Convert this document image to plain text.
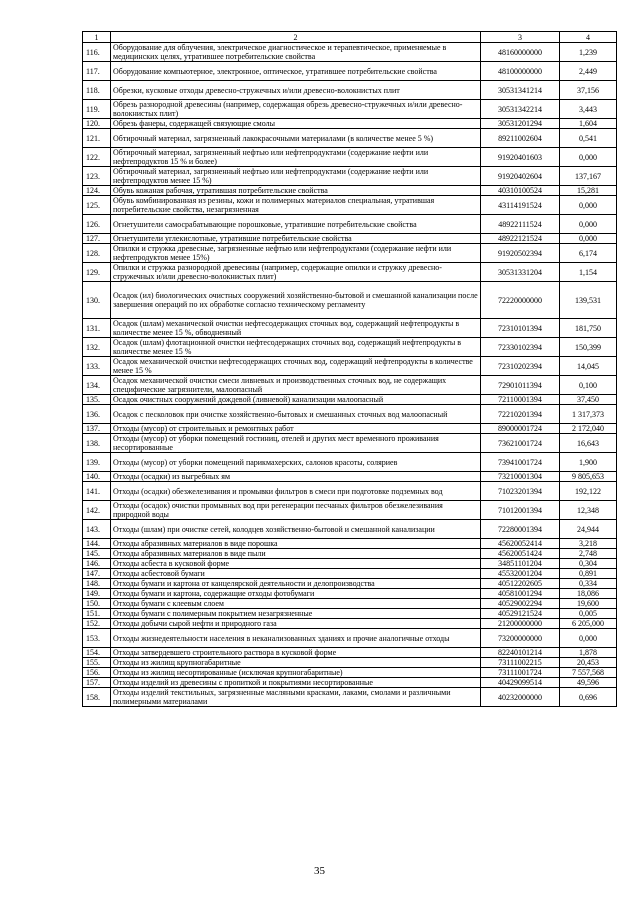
1	2	3	4
116.	Оборудование для облучения, электрическое диагностическое и терапевтическое, применяемые в медицинских целях, утратившее потребительские свойства	48160000000	1,239
117.	Оборудование компьютерное, электронное, оптическое, утратившее потребительские свойства	48100000000	2,449
118.	Обрезки, кусковые отходы древесно-стружечных и/или древесно-волокнистых плит	30531341214	37,156
119.	Обрезь разнородной древесины (например, содержащая обрезь древесно-стружечных и/или древесно-волокнистых плит)	30531342214	3,443
120.	Обрезь фанеры, содержащей связующие смолы	30531201294	1,604
121.	Обтирочный материал, загрязненный лакокрасочными материалами (в количестве менее 5 %)	89211002604	0,541
122.	Обтирочный материал, загрязненный нефтью или нефтепродуктами (содержание нефти или нефтепродуктов 15 % и более)	91920401603	0,000
123.	Обтирочный материал, загрязненный нефтью или нефтепродуктами (содержание нефти или нефтепродуктов менее 15 %)	91920402604	137,167
124.	Обувь кожаная рабочая, утратившая потребительские свойства	40310100524	15,281
125.	Обувь комбинированная из резины, кожи и полимерных материалов специальная, утратившая потребительские свойства, незагрязненная	43114191524	0,000
126.	Огнетушители самосрабатывающие порошковые, утратившие потребительские свойства	48922111524	0,000
127.	Огнетушители углекислотные, утратившие потребительские свойства	48922121524	0,000
128.	Опилки и стружка древесные, загрязненные нефтью или нефтепродуктами (содержание нефти или нефтепродуктов менее 15%)	91920502394	6,174
129.	Опилки и стружка разнородной древесины (например, содержащие опилки и стружку древесно-стружечных и/или древесно-волокнистых плит)	30531331204	1,154
130.	Осадок (ил) биологических очистных сооружений хозяйственно-бытовой и смешанной канализации после завершения операций по их обработке согласно техническому регламенту	72220000000	139,531
131.	Осадок (шлам) механической очистки нефтесодержащих сточных вод, содержащий нефтепродукты в количестве менее 15 %, обводненный	72310101394	181,750
132.	Осадок (шлам) флотационной очистки нефтесодержащих сточных вод, содержащий нефтепродукты в количестве менее 15 %	72330102394	150,399
133.	Осадок механической очистки нефтесодержащих сточных вод, содержащий нефтепродукты в количестве менее 15 %	72310202394	14,045
134.	Осадок механической очистки смеси ливневых и производственных сточных вод, не содержащих специфические загрязнители, малоопасный	72901011394	0,100
135.	Осадок очистных сооружений дождевой (ливневой) канализации малоопасный	72110001394	37,450
136.	Осадок с песколовок при очистке хозяйственно-бытовых и смешанных сточных вод малоопасный	72210201394	1 317,373
137.	Отходы (мусор) от строительных и ремонтных работ	89000001724	2 172,040
138.	Отходы (мусор) от уборки помещений гостиниц, отелей и других мест временного проживания несортированные	73621001724	16,643
139.	Отходы (мусор) от уборки помещений парикмахерских, салонов красоты, соляриев	73941001724	1,900
140.	Отходы (осадки) из выгребных ям	73210001304	9 805,653
141.	Отходы (осадки) обезжелезивания и промывки фильтров в смеси при подготовке подземных вод	71023201394	192,122
142.	Отходы (осадок) очистки промывных вод при регенерации песчаных фильтров обезжелезивания природной воды	71012001394	12,348
143.	Отходы (шлам) при очистке сетей, колодцев хозяйственно-бытовой и смешанной канализации	72280001394	24,944
144.	Отходы абразивных материалов в виде порошка	45620052414	3,218
145.	Отходы абразивных материалов в виде пыли	45620051424	2,748
146.	Отходы асбеста в кусковой форме	34851101204	0,304
147.	Отходы асбестовой бумаги	45532001204	0,891
148.	Отходы бумаги и картона от канцелярской деятельности и делопроизводства	40512202605	0,334
149.	Отходы бумаги и картона, содержащие отходы фотобумаги	40581001294	18,086
150.	Отходы бумаги с клеевым слоем	40529002294	19,600
151.	Отходы бумаги с полимерным покрытием незагрязненные	40529121524	0,005
152.	Отходы добычи сырой нефти и природного газа	21200000000	6 205,000
153.	Отходы жизнедеятельности населения в неканализованных зданиях и прочие аналогичные отходы	73200000000	0,000
154.	Отходы затвердевшего строительного раствора в кусковой форме	82240101214	1,878
155.	Отходы из жилищ крупногабаритные	73111002215	20,453
156.	Отходы из жилищ несортированные (исключая крупногабаритные)	73111001724	7 557,568
157.	Отходы изделий из древесины с пропиткой и покрытиями несортированные	40429099514	49,596
158.	Отходы изделий текстильных, загрязненные масляными красками, лаками, смолами и различными полимерными материалами	40232000000	0,696
35
